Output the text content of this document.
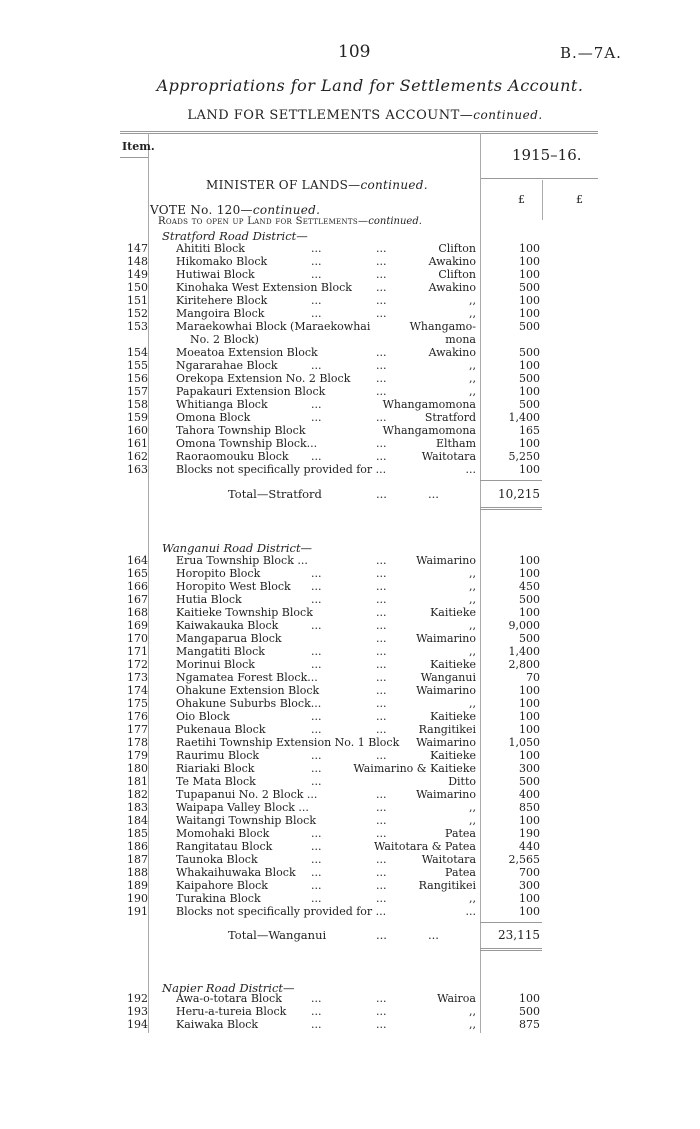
109	B.—7A.
Appropriations for Land for Settlements Account.
LAND FOR SETTLEMENTS ACCOUNT—continued.
Item.	1915–16.
£	£
MINISTER OF LANDS—continued.
VOTE No. 120—continued.
Roads to open up Land for Settlements—continued.
Stratford Road District—
147	Ahititi Block	...	...	Clifton	100
148	Hikomako Block	...	...	Awakino	100
149	Hutiwai Block	...	...	Clifton	100
150	Kinohaka West Extension Block ...	Awakino	500
151	Kiritehere Block	...	...	,,	100
152	Mangoira Block	...	...	,,	100
153	Maraekowhai Block (Maraekowhai	Whangamo-	500
No. 2 Block)	mona
154	Moeatoa Extension Block	...	Awakino	500
155	Ngararahae Block	...	...	,,	100
156	Orekopa Extension No. 2 Block ...	,,	500
157	Papakauri Extension Block	...	,,	100
158	Whitianga Block	...	Whangamomona	500
159	Omona Block	...	...	Stratford	1,400
160	Tahora Township Block	Whangamomona	165
161	Omona Township Block...	...	Eltham	100
162	Raoraomouku Block ...	...	Waitotara	5,250
163	Blocks not specifically provided for ...	...	100
Total—Stratford	...	...	10,215
Wanganui Road District—
164	Erua Township Block ...	...	Waimarino	100
165	Horopito Block	...	...	,,	100
166	Horopito West Block ...	...	,,	450
167	Hutia Block	...	...	,,	500
168	Kaitieke Township Block	...	Kaitieke	100
169	Kaiwakauka Block	...	...	,,	9,000
170	Mangaparua Block	...	Waimarino	500
171	Mangatiti Block	...	...	,,	1,400
172	Morinui Block	...	...	Kaitieke	2,800
173	Ngamatea Forest Block...	...	Wanganui	70
174	Ohakune Extension Block	...	Waimarino	100
175	Ohakune Suburbs Block...	...	,,	100
176	Oio Block	...	...	Kaitieke	100
177	Pukenaua Block	...	...	Rangitikei	100
178	Raetihi Township Extension No. 1 Block Waimarino	1,050
179	Raurimu Block	...	...	Kaitieke	100
180	Riariaki Block	...	Waimarino & Kaitieke	300
181	Te Mata Block	...	Ditto	500
182	Tupapanui No. 2 Block ...	...	Waimarino	400
183	Waipapa Valley Block ...	...	,,	850
184	Waitangi Township Block	...	,,	100
185	Momohaki Block	...	...	Patea	190
186	Rangitatau Block	...	Waitotara & Patea	440
187	Taunoka Block	...	...	Waitotara	2,565
188	Whakaihuwaka Block ...	...	Patea	700
189	Kaipahore Block	...	...	Rangitikei	300
190	Turakina Block	...	...	,,	100
191	Blocks not specifically provided for ...	...	100
Total—Wanganui	...	...	23,115
Napier Road District—
192	Awa-o-totara Block	...	...	Wairoa	100
193	Heru-a-tureia Block ...	...	,,	500
194	Kaiwaka Block	...	...	,,	875
